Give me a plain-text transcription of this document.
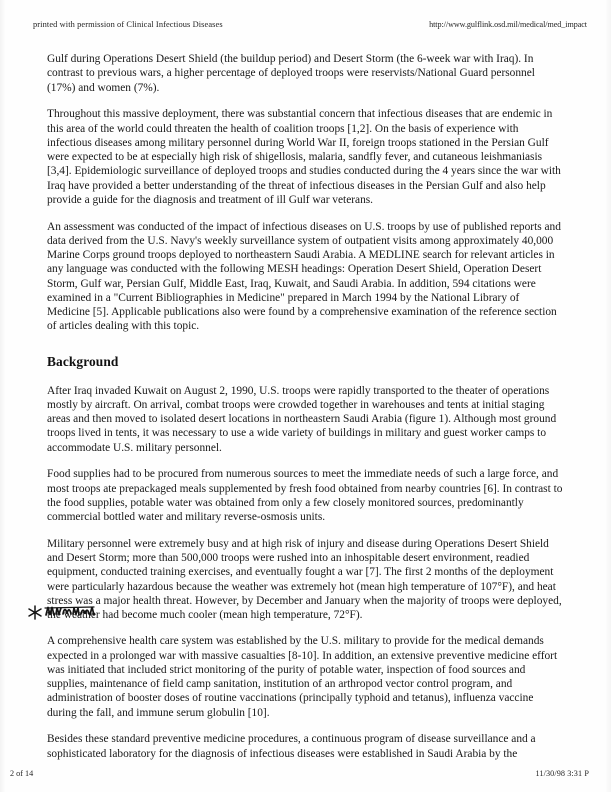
printed with permission of Clinical Infectious Diseases	http://www.gulflink.osd.mil/medical/med_impact

Gulf during Operations Desert Shield (the buildup period) and Desert Storm (the 6-week war with Iraq). In contrast to previous wars, a higher percentage of deployed troops were reservists/National Guard personnel (17%) and women (7%).

Throughout this massive deployment, there was substantial concern that infectious diseases that are endemic in this area of the world could threaten the health of coalition troops [1,2]. On the basis of experience with infectious diseases among military personnel during World War II, foreign troops stationed in the Persian Gulf were expected to be at especially high risk of shigellosis, malaria, sandfly fever, and cutaneous leishmaniasis [3,4]. Epidemiologic surveillance of deployed troops and studies conducted during the 4 years since the war with Iraq have provided a better understanding of the threat of infectious diseases in the Persian Gulf and also help provide a guide for the diagnosis and treatment of ill Gulf war veterans.

An assessment was conducted of the impact of infectious diseases on U.S. troops by use of published reports and data derived from the U.S. Navy's weekly surveillance system of outpatient visits among approximately 40,000 Marine Corps ground troops deployed to northeastern Saudi Arabia. A MEDLINE search for relevant articles in any language was conducted with the following MESH headings: Operation Desert Shield, Operation Desert Storm, Gulf war, Persian Gulf, Middle East, Iraq, Kuwait, and Saudi Arabia. In addition, 594 citations were examined in a "Current Bibliographies in Medicine" prepared in March 1994 by the National Library of Medicine [5]. Applicable publications also were found by a comprehensive examination of the reference section of articles dealing with this topic.

Background

After Iraq invaded Kuwait on August 2, 1990, U.S. troops were rapidly transported to the theater of operations mostly by aircraft. On arrival, combat troops were crowded together in warehouses and tents at initial staging areas and then moved to isolated desert locations in northeastern Saudi Arabia (figure 1). Although most ground troops lived in tents, it was necessary to use a wide variety of buildings in military and guest worker camps to accommodate U.S. military personnel.

Food supplies had to be procured from numerous sources to meet the immediate needs of such a large force, and most troops ate prepackaged meals supplemented by fresh food obtained from nearby countries [6]. In contrast to the food supplies, potable water was obtained from only a few closely monitored sources, predominantly commercial bottled water and military reverse-osmosis units.

Military personnel were extremely busy and at high risk of injury and disease during Operations Desert Shield and Desert Storm; more than 500,000 troops were rushed into an inhospitable desert environment, readied equipment, conducted training exercises, and eventually fought a war [7]. The first 2 months of the deployment were particularly hazardous because the weather was extremely hot (mean high temperature of 107°F), and heat stress was a major health threat. However, by December and January when the majority of troops were deployed, the weather had become much cooler (mean high temperature, 72°F).

A comprehensive health care system was established by the U.S. military to provide for the medical demands expected in a prolonged war with massive casualties [8-10]. In addition, an extensive preventive medicine effort was initiated that included strict monitoring of the purity of potable water, inspection of food sources and supplies, maintenance of field camp sanitation, institution of an arthropod vector control program, and administration of booster doses of routine vaccinations (principally typhoid and tetanus), influenza vaccine during the fall, and immune serum globulin [10].

Besides these standard preventive medicine procedures, a continuous program of disease surveillance and a sophisticated laboratory for the diagnosis of infectious diseases were established in Saudi Arabia by the

2 of 14	11/30/98 3:31 P
